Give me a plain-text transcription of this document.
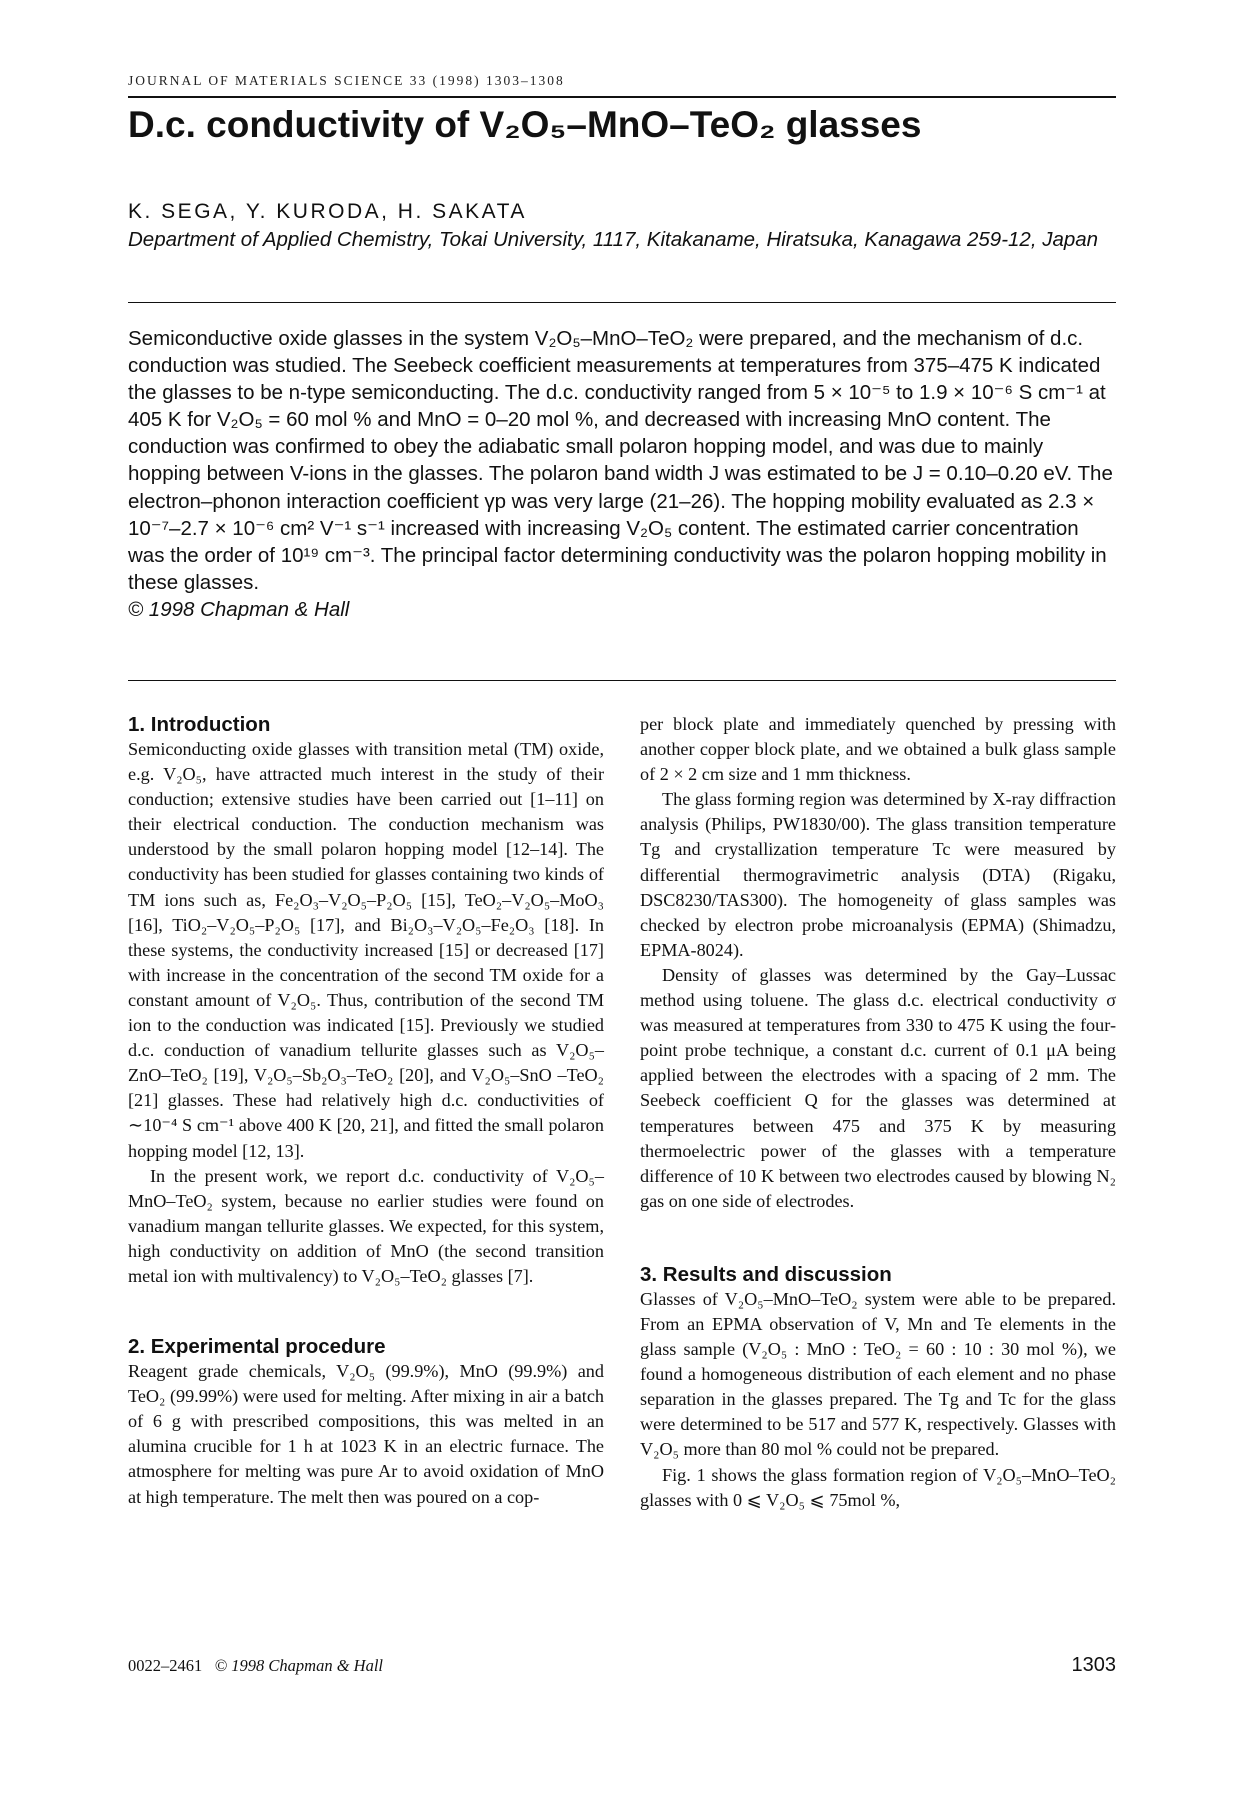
JOURNAL OF MATERIALS SCIENCE 33 (1998) 1303–1308
D.c. conductivity of V₂O₅–MnO–TeO₂ glasses
K. SEGA, Y. KURODA, H. SAKATA
Department of Applied Chemistry, Tokai University, 1117, Kitakaname, Hiratsuka, Kanagawa 259-12, Japan

Semiconductive oxide glasses in the system V₂O₅–MnO–TeO₂ were prepared, and the mechanism of d.c. conduction was studied. The Seebeck coefficient measurements at temperatures from 375–475 K indicated the glasses to be n-type semiconducting. The d.c. conductivity ranged from 5 × 10⁻⁵ to 1.9 × 10⁻⁶ S cm⁻¹ at 405 K for V₂O₅ = 60 mol % and MnO = 0–20 mol %, and decreased with increasing MnO content. The conduction was confirmed to obey the adiabatic small polaron hopping model, and was due to mainly hopping between V-ions in the glasses. The polaron band width J was estimated to be J = 0.10–0.20 eV. The electron–phonon interaction coefficient γp was very large (21–26). The hopping mobility evaluated as 2.3 × 10⁻⁷–2.7 × 10⁻⁶ cm² V⁻¹ s⁻¹ increased with increasing V₂O₅ content. The estimated carrier concentration was the order of 10¹⁹ cm⁻³. The principal factor determining conductivity was the polaron hopping mobility in these glasses.

© 1998 Chapman & Hall

1. Introduction

Semiconducting oxide glasses with transition metal (TM) oxide, e.g. V₂O₅, have attracted much interest in the study of their conduction; extensive studies have been carried out [1–11] on their electrical conduction. The conduction mechanism was understood by the small polaron hopping model [12–14]. The conductivity has been studied for glasses containing two kinds of TM ions such as, Fe₂O₃–V₂O₅–P₂O₅ [15], TeO₂–V₂O₅–MoO₃ [16], TiO₂–V₂O₅–P₂O₅ [17], and Bi₂O₃–V₂O₅–Fe₂O₃ [18]. In these systems, the conductivity increased [15] or decreased [17] with increase in the concentration of the second TM oxide for a constant amount of V₂O₅. Thus, contribution of the second TM ion to the conduction was indicated [15]. Previously we studied d.c. conduction of vanadium tellurite glasses such as V₂O₅–ZnO–TeO₂ [19], V₂O₅–Sb₂O₃–TeO₂ [20], and V₂O₅–SnO –TeO₂ [21] glasses. These had relatively high d.c. conductivities of ∼10⁻⁴ S cm⁻¹ above 400 K [20, 21], and fitted the small polaron hopping model [12, 13].

In the present work, we report d.c. conductivity of V₂O₅–MnO–TeO₂ system, because no earlier studies were found on vanadium mangan tellurite glasses. We expected, for this system, high conductivity on addition of MnO (the second transition metal ion with multivalency) to V₂O₅–TeO₂ glasses [7].

2. Experimental procedure

Reagent grade chemicals, V₂O₅ (99.9%), MnO (99.9%) and TeO₂ (99.99%) were used for melting. After mixing in air a batch of 6 g with prescribed compositions, this was melted in an alumina crucible for 1 h at 1023 K in an electric furnace. The atmosphere for melting was pure Ar to avoid oxidation of MnO at high temperature. The melt then was poured on a cop-

per block plate and immediately quenched by pressing with another copper block plate, and we obtained a bulk glass sample of 2 × 2 cm size and 1 mm thickness.

The glass forming region was determined by X-ray diffraction analysis (Philips, PW1830/00). The glass transition temperature Tg and crystallization temperature Tc were measured by differential thermogravimetric analysis (DTA) (Rigaku, DSC8230/TAS300). The homogeneity of glass samples was checked by electron probe microanalysis (EPMA) (Shimadzu, EPMA-8024).

Density of glasses was determined by the Gay–Lussac method using toluene. The glass d.c. electrical conductivity σ was measured at temperatures from 330 to 475 K using the four-point probe technique, a constant d.c. current of 0.1 μA being applied between the electrodes with a spacing of 2 mm. The Seebeck coefficient Q for the glasses was determined at temperatures between 475 and 375 K by measuring thermoelectric power of the glasses with a temperature difference of 10 K between two electrodes caused by blowing N₂ gas on one side of electrodes.

3. Results and discussion

Glasses of V₂O₅–MnO–TeO₂ system were able to be prepared. From an EPMA observation of V, Mn and Te elements in the glass sample (V₂O₅ : MnO : TeO₂ = 60 : 10 : 30 mol %), we found a homogeneous distribution of each element and no phase separation in the glasses prepared. The Tg and Tc for the glass were determined to be 517 and 577 K, respectively. Glasses with V₂O₅ more than 80 mol % could not be prepared.

Fig. 1 shows the glass formation region of V₂O₅–MnO–TeO₂ glasses with 0 ⩽ V₂O₅ ⩽ 75mol %,

0022–2461 © 1998 Chapman & Hall	1303
